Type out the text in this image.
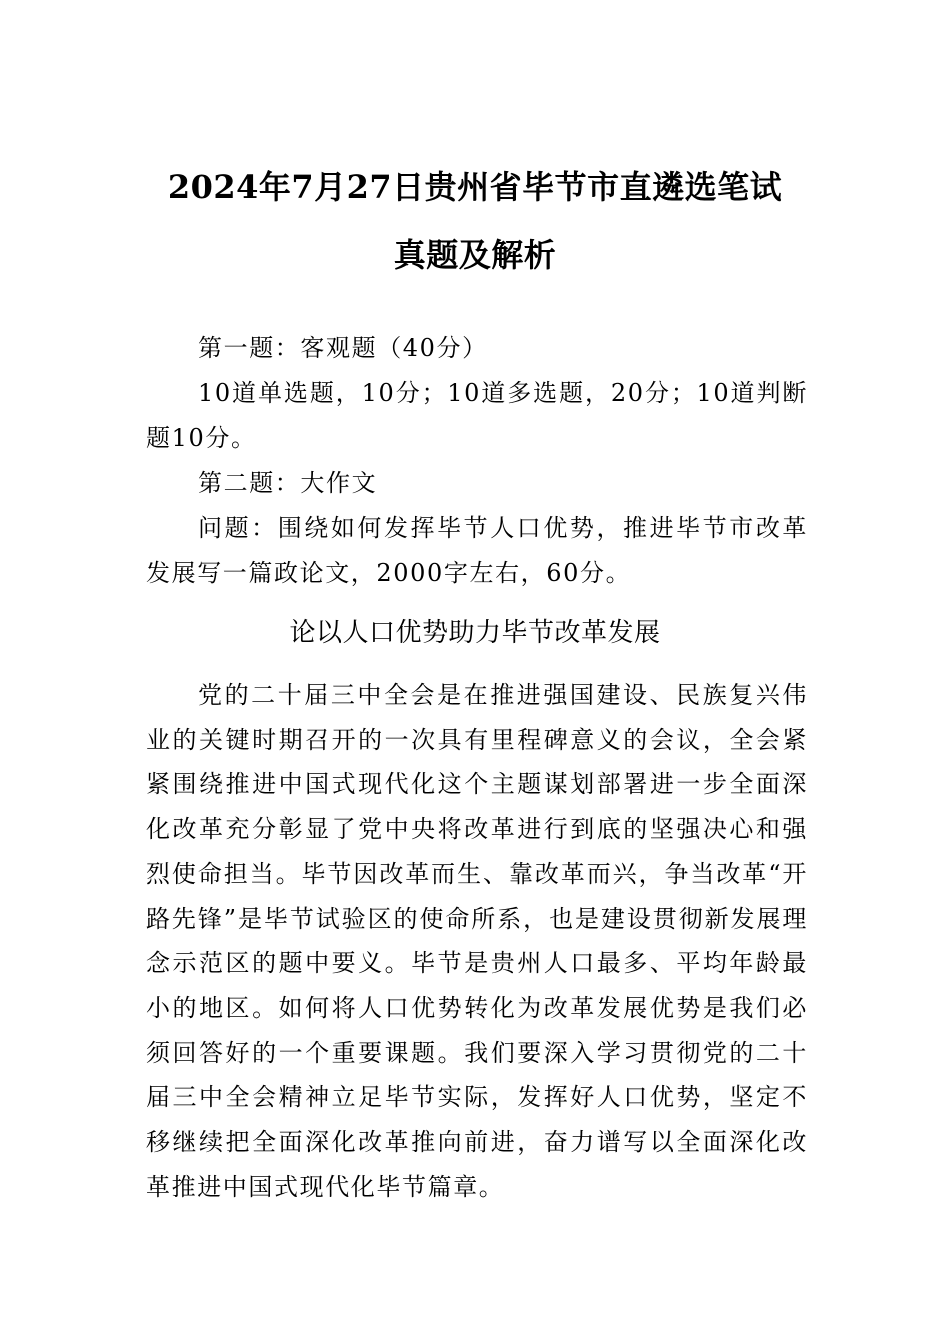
2024年7月27日贵州省毕节市直遴选笔试
真题及解析

第一题：客观题（40分）

10道单选题，10分；10道多选题，20分；10道判断题10分。

第二题：大作文

问题：围绕如何发挥毕节人口优势，推进毕节市改革发展写一篇政论文，2000字左右，60分。

论以人口优势助力毕节改革发展

党的二十届三中全会是在推进强国建设、民族复兴伟业的关键时期召开的一次具有里程碑意义的会议，全会紧紧围绕推进中国式现代化这个主题谋划部署进一步全面深化改革充分彰显了党中央将改革进行到底的坚强决心和强烈使命担当。毕节因改革而生、靠改革而兴，争当改革“开路先锋”是毕节试验区的使命所系，也是建设贯彻新发展理念示范区的题中要义。毕节是贵州人口最多、平均年龄最小的地区。如何将人口优势转化为改革发展优势是我们必须回答好的一个重要课题。我们要深入学习贯彻党的二十届三中全会精神立足毕节实际，发挥好人口优势，坚定不移继续把全面深化改革推向前进，奋力谱写以全面深化改革推进中国式现代化毕节篇章。
